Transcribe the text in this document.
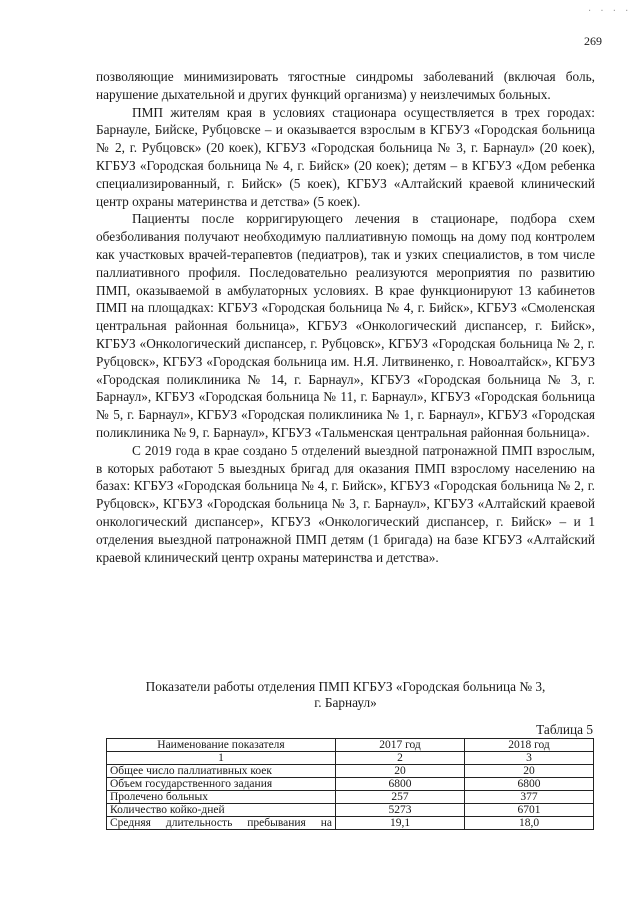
· · · ·
269

позволяющие минимизировать тягостные синдромы заболеваний (включая боль, нарушение дыхательной и других функций организма) у неизлечимых больных.

ПМП жителям края в условиях стационара осуществляется в трех городах: Барнауле, Бийске, Рубцовске – и оказывается взрослым в КГБУЗ «Городская больница № 2, г. Рубцовск» (20 коек), КГБУЗ «Городская больница № 3, г. Барнаул» (20 коек), КГБУЗ «Городская больница № 4, г. Бийск» (20 коек); детям – в КГБУЗ «Дом ребенка специализированный, г. Бийск» (5 коек), КГБУЗ «Алтайский краевой клинический центр охраны материнства и детства» (5 коек).

Пациенты после корригирующего лечения в стационаре, подбора схем обезболивания получают необходимую паллиативную помощь на дому под контролем как участковых врачей-терапевтов (педиатров), так и узких специалистов, в том числе паллиативного профиля. Последовательно реализуются мероприятия по развитию ПМП, оказываемой в амбулаторных условиях. В крае функционируют 13 кабинетов ПМП на площадках: КГБУЗ «Городская больница № 4, г. Бийск», КГБУЗ «Смоленская центральная районная больница», КГБУЗ «Онкологический диспансер, г. Бийск», КГБУЗ «Онкологический диспансер, г. Рубцовск», КГБУЗ «Городская больница № 2, г. Рубцовск», КГБУЗ «Городская больница им. Н.Я. Литвиненко, г. Новоалтайск», КГБУЗ «Городская поликлиника № 14, г. Барнаул», КГБУЗ «Городская больница № 3, г. Барнаул», КГБУЗ «Городская больница № 11, г. Барнаул», КГБУЗ «Городская больница № 5, г. Барнаул», КГБУЗ «Городская поликлиника № 1, г. Барнаул», КГБУЗ «Городская поликлиника № 9, г. Барнаул», КГБУЗ «Тальменская центральная районная больница».

С 2019 года в крае создано 5 отделений выездной патронажной ПМП взрослым, в которых работают 5 выездных бригад для оказания ПМП взрослому населению на базах: КГБУЗ «Городская больница № 4, г. Бийск», КГБУЗ «Городская больница № 2, г. Рубцовск», КГБУЗ «Городская больница № 3, г. Барнаул», КГБУЗ «Алтайский краевой онкологический диспансер», КГБУЗ «Онкологический диспансер, г. Бийск» – и 1 отделения выездной патронажной ПМП детям (1 бригада) на базе КГБУЗ «Алтайский краевой клинический центр охраны материнства и детства».

Показатели работы отделения ПМП КГБУЗ «Городская больница № 3,
г. Барнаул»
Таблица 5
Наименование показателя	2017 год	2018 год
1	2	3
Общее число паллиативных коек	20	20
Объем государственного задания	6800	6800
Пролечено больных	257	377
Количество койко-дней	5273	6701
Средняя длительность пребывания на	19,1	18,0
